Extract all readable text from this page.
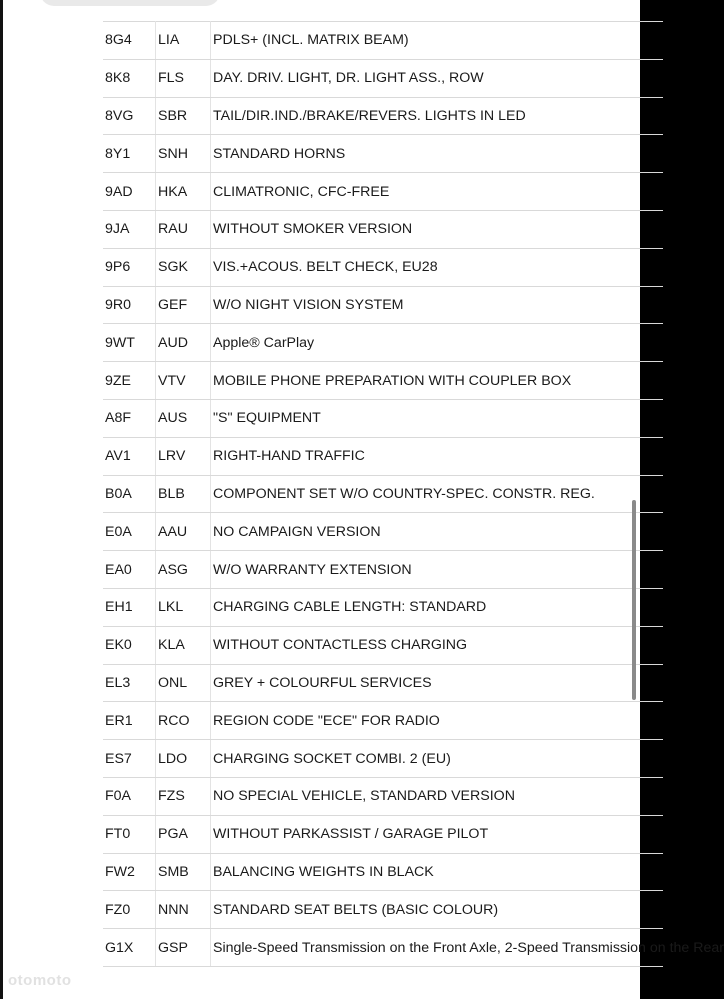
8G4	LIA	PDLS+ (INCL. MATRIX BEAM)
8K8	FLS	DAY. DRIV. LIGHT, DR. LIGHT ASS., ROW
8VG	SBR	TAIL/DIR.IND./BRAKE/REVERS. LIGHTS IN LED
8Y1	SNH	STANDARD HORNS
9AD	HKA	CLIMATRONIC, CFC-FREE
9JA	RAU	WITHOUT SMOKER VERSION
9P6	SGK	VIS.+ACOUS. BELT CHECK, EU28
9R0	GEF	W/O NIGHT VISION SYSTEM
9WT	AUD	Apple® CarPlay
9ZE	VTV	MOBILE PHONE PREPARATION WITH COUPLER BOX
A8F	AUS	"S" EQUIPMENT
AV1	LRV	RIGHT-HAND TRAFFIC
B0A	BLB	COMPONENT SET W/O COUNTRY-SPEC. CONSTR. REG.
E0A	AAU	NO CAMPAIGN VERSION
EA0	ASG	W/O WARRANTY EXTENSION
EH1	LKL	CHARGING CABLE LENGTH: STANDARD
EK0	KLA	WITHOUT CONTACTLESS CHARGING
EL3	ONL	GREY + COLOURFUL SERVICES
ER1	RCO	REGION CODE "ECE" FOR RADIO
ES7	LDO	CHARGING SOCKET COMBI. 2 (EU)
F0A	FZS	NO SPECIAL VEHICLE, STANDARD VERSION
FT0	PGA	WITHOUT PARKASSIST / GARAGE PILOT
FW2	SMB	BALANCING WEIGHTS IN BLACK
FZ0	NNN	STANDARD SEAT BELTS (BASIC COLOUR)
G1X	GSP	Single-Speed Transmission on the Front Axle, 2-Speed Transmission on the Rear
otomoto
